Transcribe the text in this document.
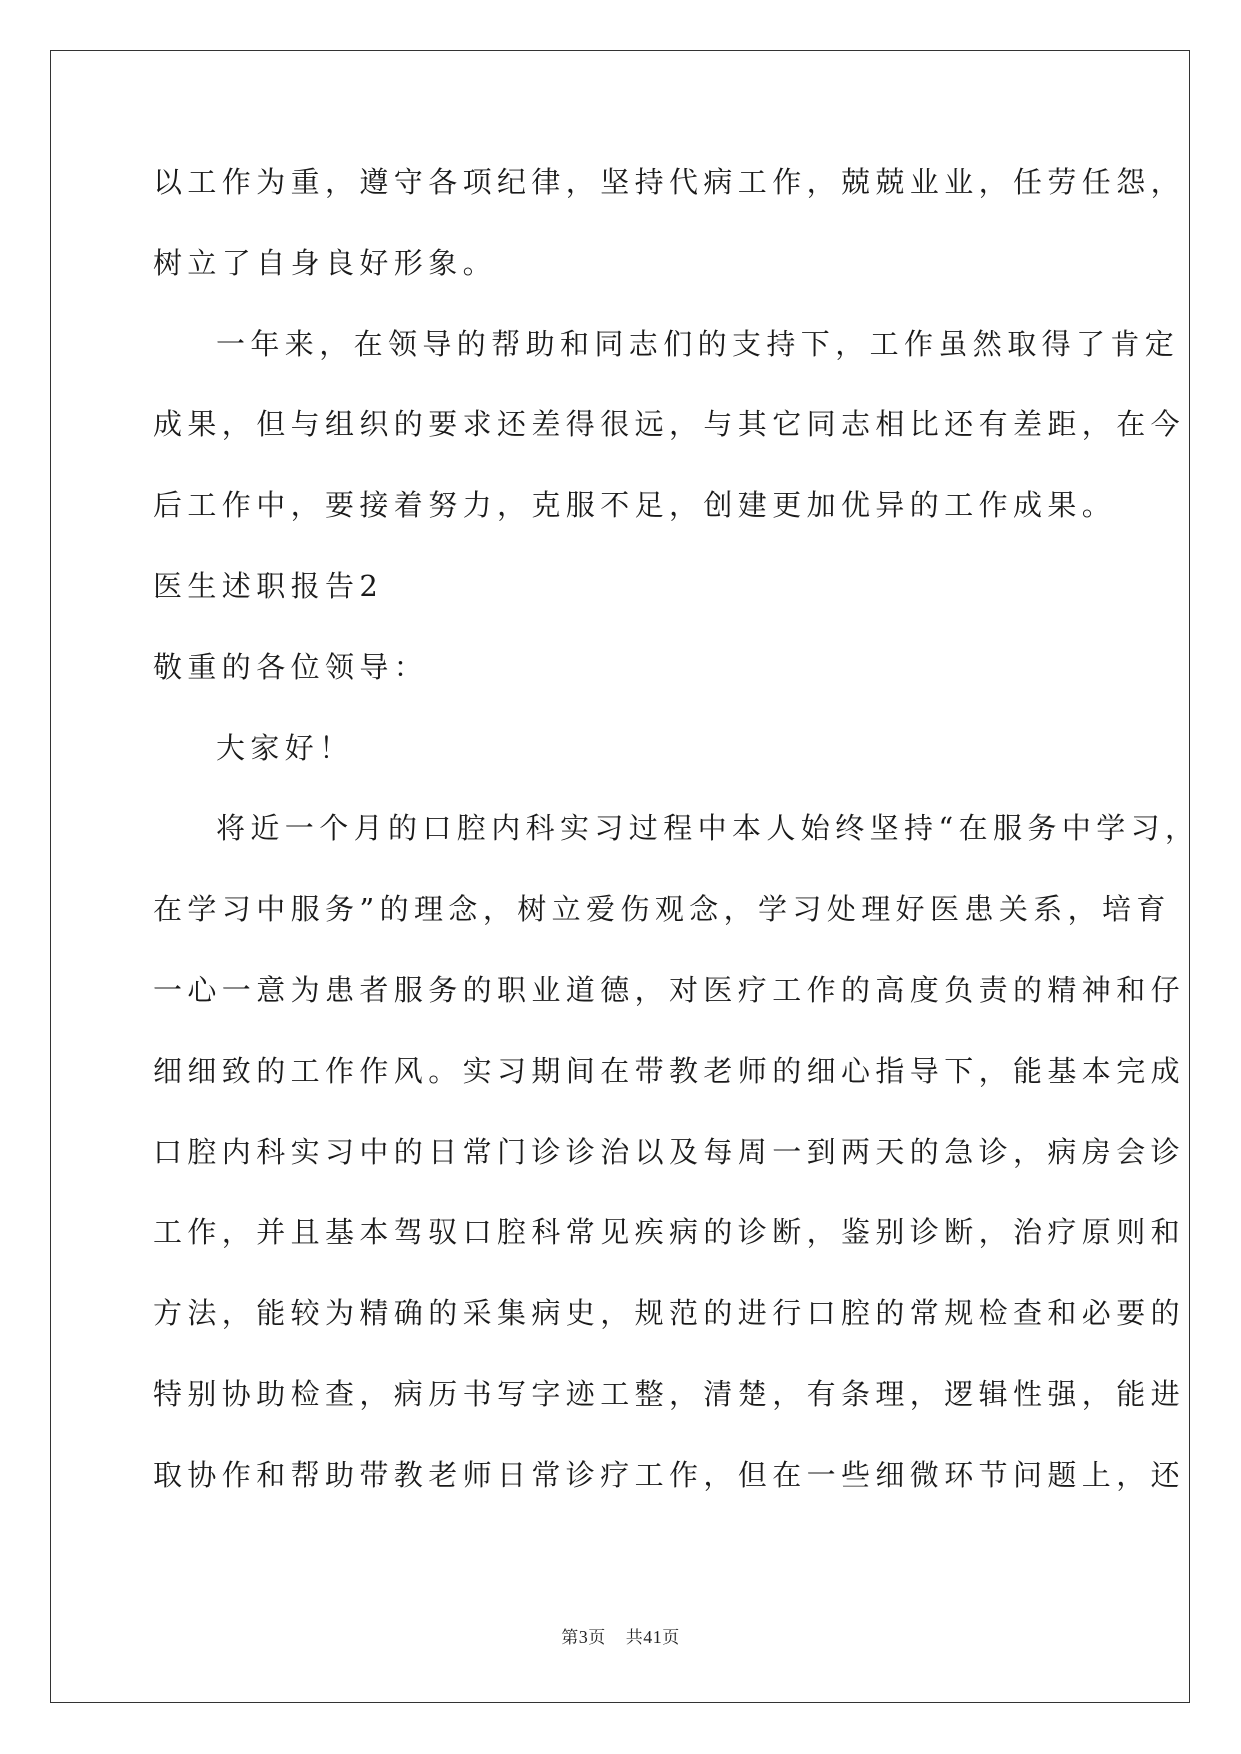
以工作为重，遵守各项纪律，坚持代病工作，兢兢业业，任劳任怨，
树立了自身良好形象。
一年来，在领导的帮助和同志们的支持下，工作虽然取得了肯定
成果，但与组织的要求还差得很远，与其它同志相比还有差距，在今
后工作中，要接着努力，克服不足，创建更加优异的工作成果。
医生述职报告2
敬重的各位领导：
大家好！
将近一个月的口腔内科实习过程中本人始终坚持“在服务中学习，
在学习中服务”的理念，树立爱伤观念，学习处理好医患关系，培育
一心一意为患者服务的职业道德，对医疗工作的高度负责的精神和仔
细细致的工作作风。实习期间在带教老师的细心指导下，能基本完成
口腔内科实习中的日常门诊诊治以及每周一到两天的急诊，病房会诊
工作，并且基本驾驭口腔科常见疾病的诊断，鉴别诊断，治疗原则和
方法，能较为精确的采集病史，规范的进行口腔的常规检查和必要的
特别协助检查，病历书写字迹工整，清楚，有条理，逻辑性强，能进
取协作和帮助带教老师日常诊疗工作，但在一些细微环节问题上，还
第3页 共41页
